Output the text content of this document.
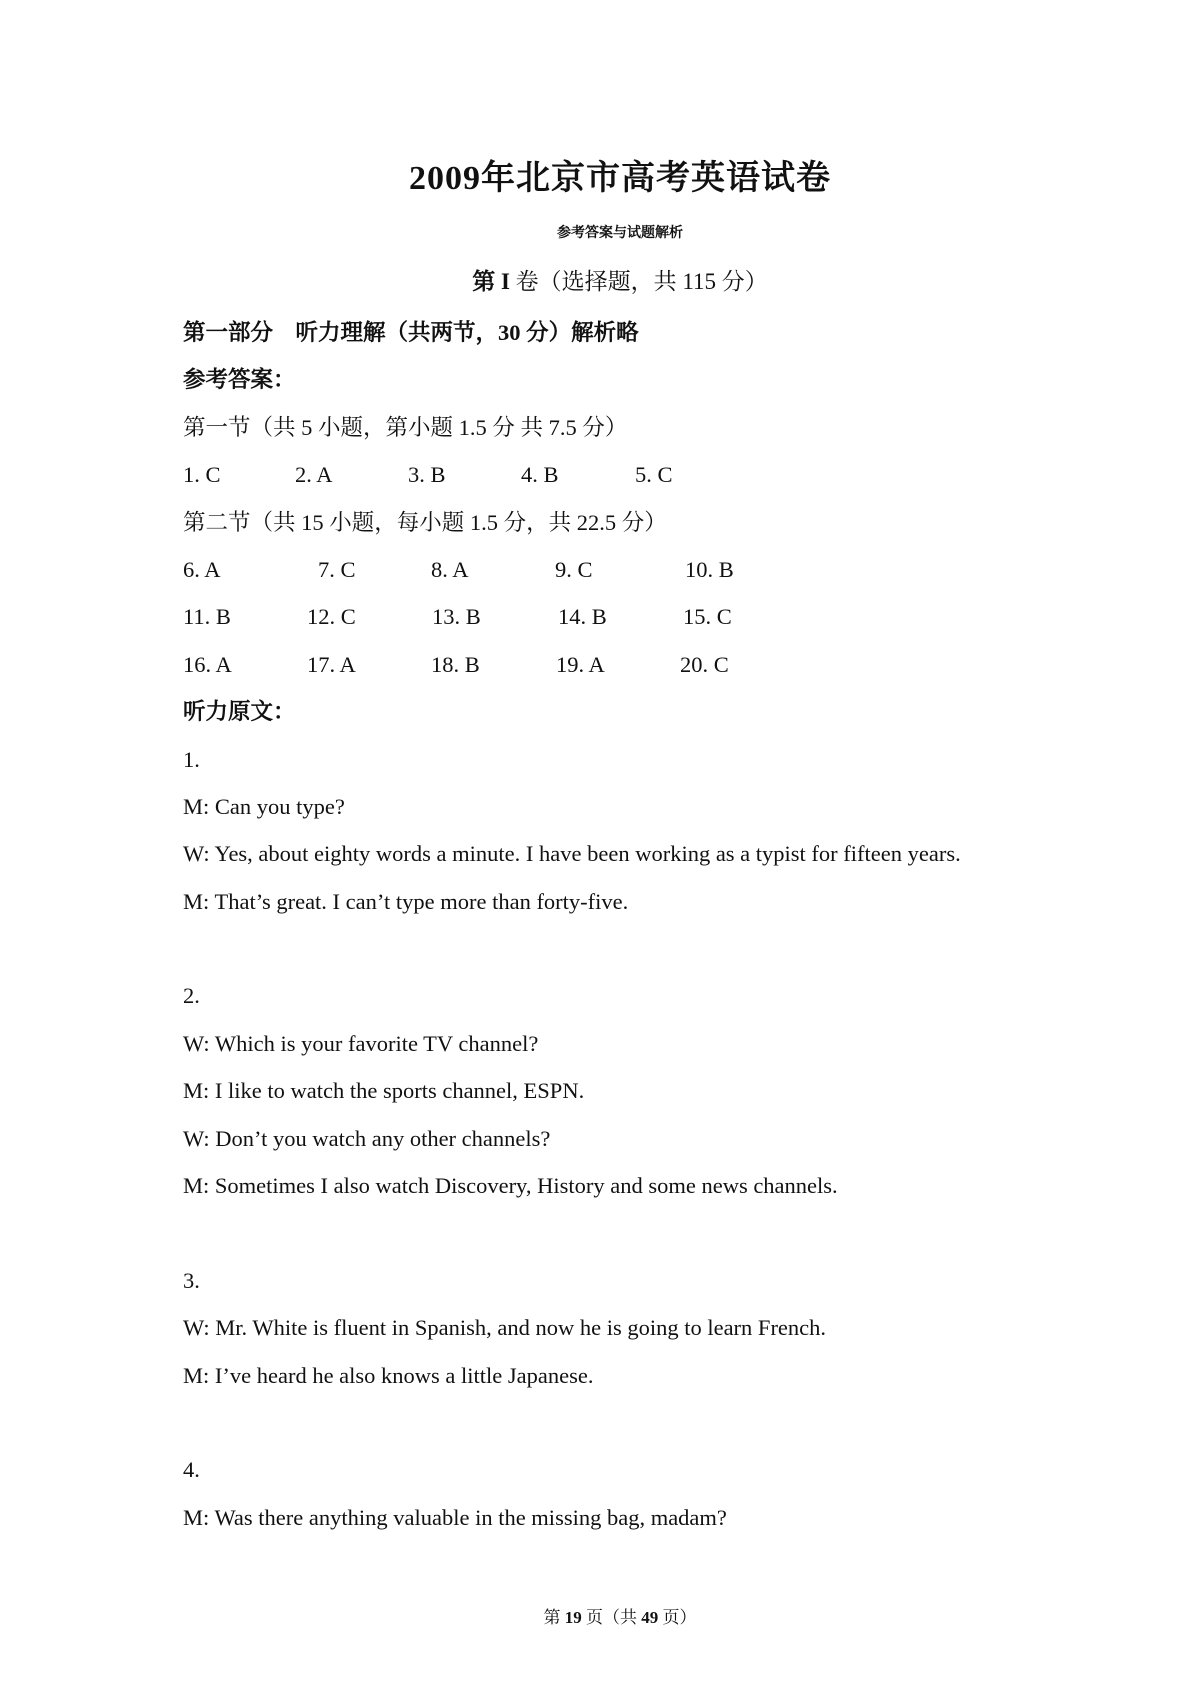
2009年北京市高考英语试卷
参考答案与试题解析
第 I 卷（选择题，共 115 分）
第一部分　听力理解（共两节，30 分）解析略
参考答案：
第一节（共 5 小题，第小题 1.5 分 共 7.5 分）
1. C	2. A	3. B	4. B	5. C
第二节（共 15 小题，每小题 1.5 分，共 22.5 分）
6. A	7. C	8. A	9. C	10. B
11. B	12. C	13. B	14. B	15. C
16. A	17. A	18. B	19. A	20. C
听力原文：
1.
M: Can you type?
W: Yes, about eighty words a minute. I have been working as a typist for fifteen years.
M: That’s great. I can’t type more than forty-five.
2.
W: Which is your favorite TV channel?
M: I like to watch the sports channel, ESPN.
W: Don’t you watch any other channels?
M: Sometimes I also watch Discovery, History and some news channels.
3.
W: Mr. White is fluent in Spanish, and now he is going to learn French.
M: I’ve heard he also knows a little Japanese.
4.
M: Was there anything valuable in the missing bag, madam?
第 19 页（共 49 页）
